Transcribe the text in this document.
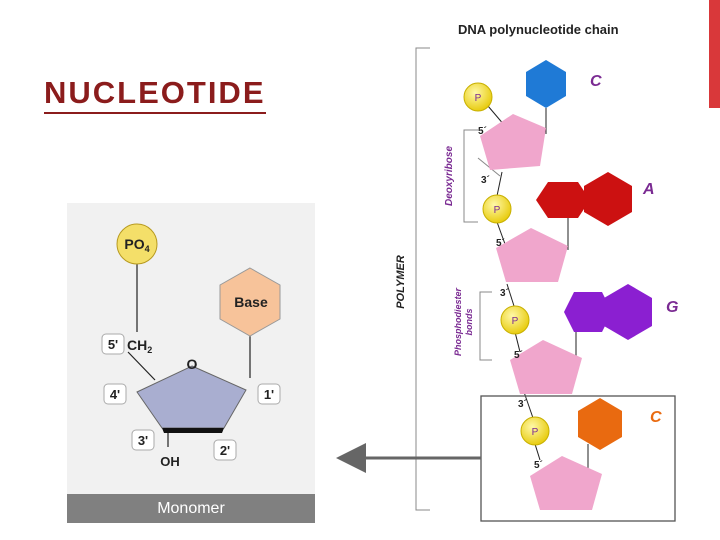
NUCLEOTIDE
Monomer
$PO_4$
Base
$CH_2$
O
OH
5'
4'	1'
3'
2'
DNA polynucleotide chain
POLYMER
Deoxyribose
Phosphodiester bonds
P
5´
3´
C
P
5´
3´
A
P
5´
3´
G
P
5´
C
